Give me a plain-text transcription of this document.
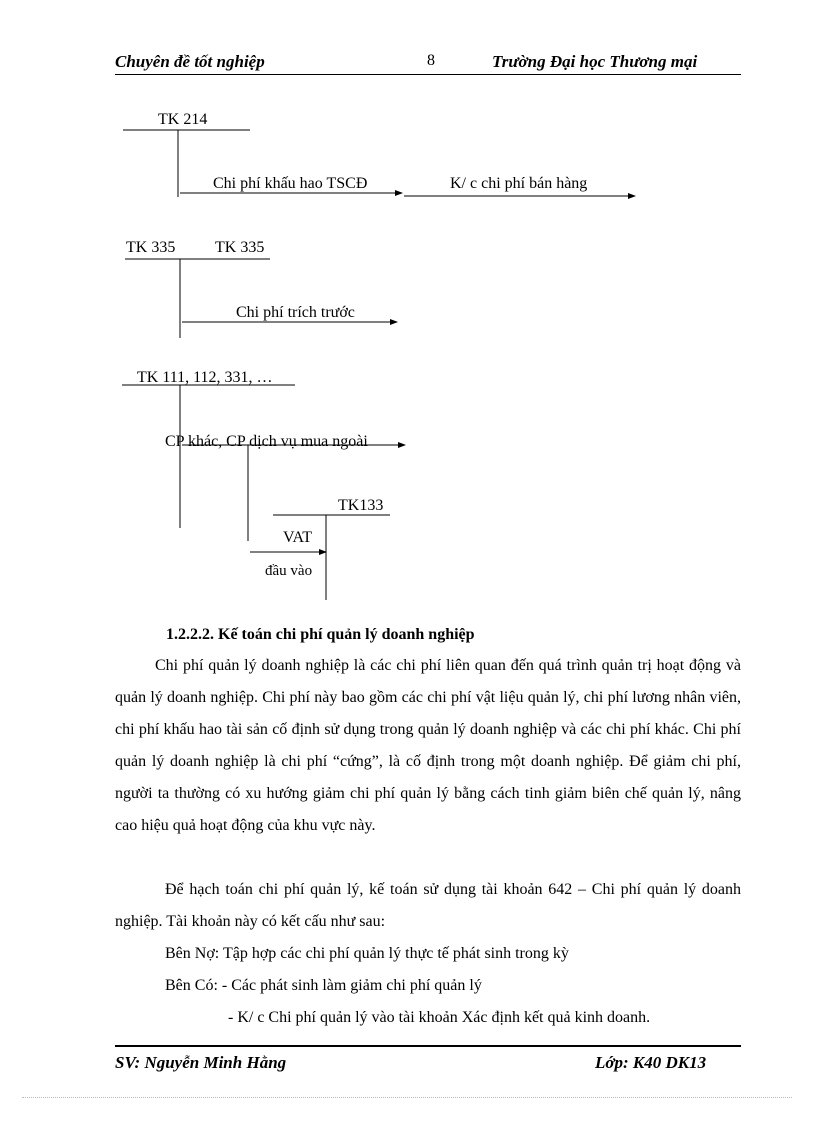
Chuyên đề tốt nghiệp	8	Trường Đại học Thương mại
TK 214
Chi phí khấu hao TSCĐ	K/ c chi phí bán hàng
TK 335 TK 335
Chi phí trích trước
TK 111, 112, 331, …
CP khác, CP dịch vụ mua ngoài
TK133
VAT
đầu vào
1.2.2.2. Kế toán chi phí quản lý doanh nghiệp
Chi phí quản lý doanh nghiệp là các chi phí liên quan đến quá trình quản trị hoạt động và quản lý doanh nghiệp. Chi phí này bao gồm các chi phí vật liệu quản lý, chi phí lương nhân viên, chi phí khấu hao tài sản cố định sử dụng trong quản lý doanh nghiệp và các chi phí khác. Chi phí quản lý doanh nghiệp là chi phí “cứng”, là cố định trong một doanh nghiệp. Để giảm chi phí, người ta thường có xu hướng giảm chi phí quản lý bằng cách tinh giảm biên chế quản lý, nâng cao hiệu quả hoạt động của khu vực này.
Để hạch toán chi phí quản lý, kế toán sử dụng tài khoản 642 – Chi phí quản lý doanh nghiệp. Tài khoản này có kết cấu như sau:
Bên Nợ: Tập hợp các chi phí quản lý thực tế phát sinh trong kỳ
Bên Có: - Các phát sinh làm giảm chi phí quản lý
- K/ c Chi phí quản lý vào tài khoản Xác định kết quả kinh doanh.
SV: Nguyễn Minh Hằng	Lớp: K40 DK13
